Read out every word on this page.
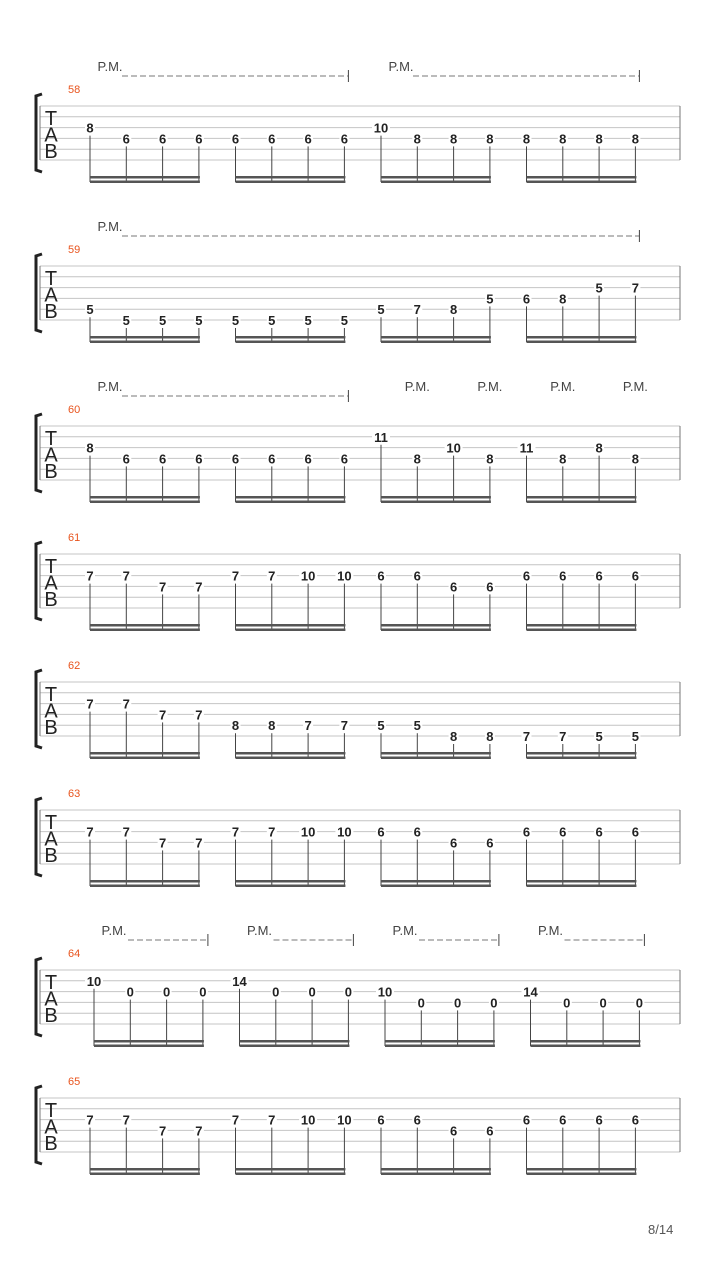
58
T
A
B
P.M.	P.M.
8
6 6 6 6 6 6 6
10
8 8 8 8 8 8 8
59
T
A
B
P.M.
5
5 5 5 5 5 5 5
5 7 8
5 6 8
5 7
60
T
A
B
P.M.	P.M.	P.M.	P.M.	P.M.
8
6 6 6 6 6 6 6
11
8
10
8
11
8
8
8
61
T
A
B
7 7
7 7
7 7 10 10 6 6
6 6
6 6 6 6
62
T
A
B
7 7
7 7
8 8 7 7 5 5
8 8 7 7 5 5
63
T
A
B
7 7
7 7
7 7 10 10 6 6
6 6
6 6 6 6
64
T
A
B
P.M.	P.M.	P.M.	P.M.
10
0 0 0
14
0 0 0 10
0 0 0
14
0 0 0
65
T
A
B
7 7
7 7
7 7 10 10 6 6
6 6
6 6 6 6
8/14
